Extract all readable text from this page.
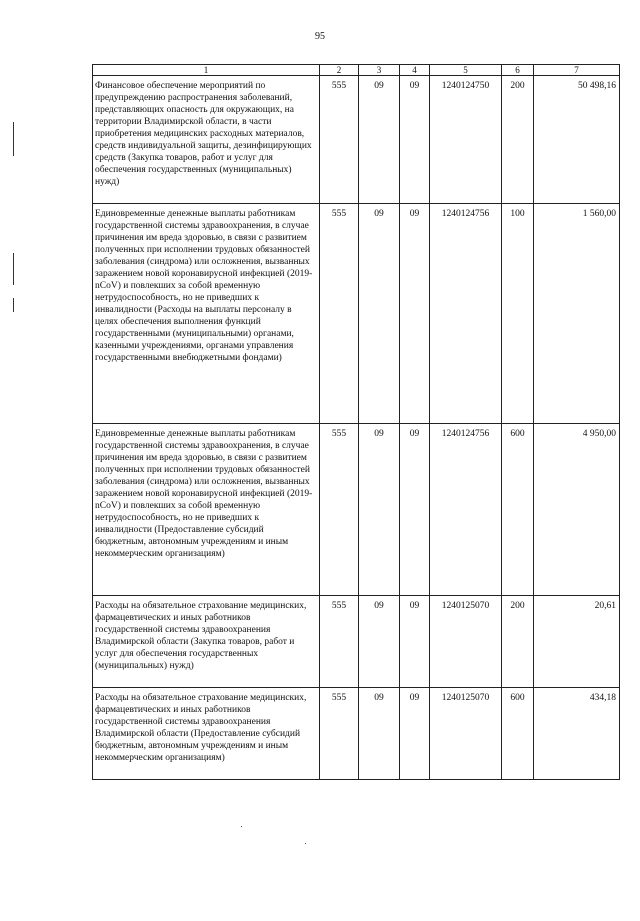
95
1	2	3	4	5	6	7
Финансовое обеспечение мероприятий по предупреждению распространения заболеваний, представляющих опасность для окружающих, на территории Владимирской области, в части приобретения медицинских расходных материалов, средств индивидуальной защиты, дезинфицирующих средств (Закупка товаров, работ и услуг для обеспечения государственных (муниципальных) нужд)	555	09	09	1240124750	200	50 498,16
Единовременные денежные выплаты работникам государственной системы здравоохранения, в случае причинения им вреда здоровью, в связи с развитием полученных при исполнении трудовых обязанностей заболевания (синдрома) или осложнения, вызванных заражением новой коронавирусной инфекцией (2019- nCoV) и повлекших за собой временную нетрудоспособность, но не приведших к инвалидности (Расходы на выплаты персоналу в целях обеспечения выполнения функций государственными (муниципальными) органами, казенными учреждениями, органами управления государственными внебюджетными фондами)	555	09	09	1240124756	100	1 560,00
Единовременные денежные выплаты работникам государственной системы здравоохранения, в случае причинения им вреда здоровью, в связи с развитием полученных при исполнении трудовых обязанностей заболевания (синдрома) или осложнения, вызванных заражением новой коронавирусной инфекцией (2019- nCoV) и повлекших за собой временную нетрудоспособность, но не приведших к инвалидности (Предоставление субсидий бюджетным, автономным учреждениям и иным некоммерческим организациям)	555	09	09	1240124756	600	4 950,00
Расходы на обязательное страхование медицинских, фармацевтических и иных работников государственной системы здравоохранения Владимирской области (Закупка товаров, работ и услуг для обеспечения государственных (муниципальных) нужд)	555	09	09	1240125070	200	20,61
Расходы на обязательное страхование медицинских, фармацевтических и иных работников государственной системы здравоохранения Владимирской области (Предоставление субсидий бюджетным, автономным учреждениям и иным некоммерческим организациям)	555	09	09	1240125070	600	434,18
